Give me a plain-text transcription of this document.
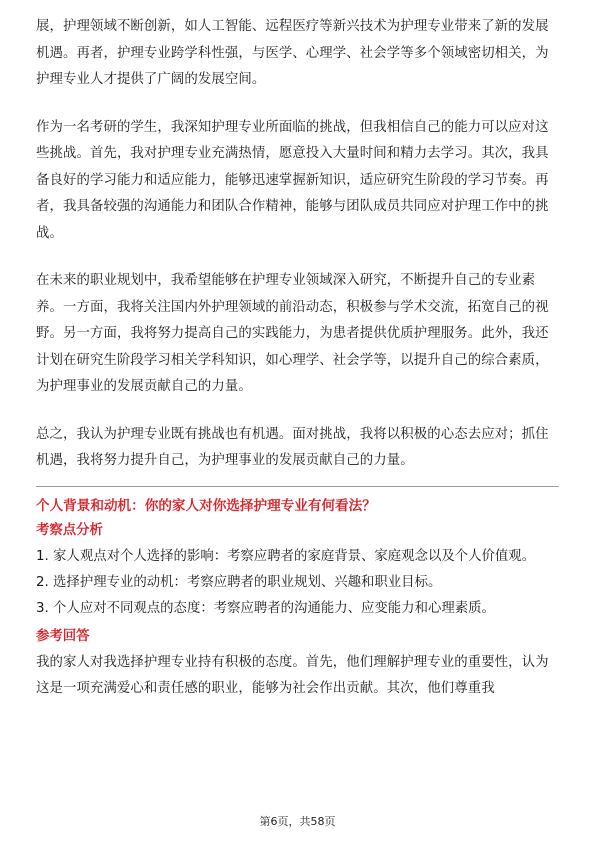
展，护理领域不断创新，如人工智能、远程医疗等新兴技术为护理专业带来了新的发展机遇。再者，护理专业跨学科性强，与医学、心理学、社会学等多个领域密切相关，为护理专业人才提供了广阔的发展空间。

作为一名考研的学生，我深知护理专业所面临的挑战，但我相信自己的能力可以应对这些挑战。首先，我对护理专业充满热情，愿意投入大量时间和精力去学习。其次，我具备良好的学习能力和适应能力，能够迅速掌握新知识，适应研究生阶段的学习节奏。再者，我具备较强的沟通能力和团队合作精神，能够与团队成员共同应对护理工作中的挑战。

在未来的职业规划中，我希望能够在护理专业领域深入研究，不断提升自己的专业素养。一方面，我将关注国内外护理领域的前沿动态，积极参与学术交流，拓宽自己的视野。另一方面，我将努力提高自己的实践能力，为患者提供优质护理服务。此外，我还计划在研究生阶段学习相关学科知识，如心理学、社会学等，以提升自己的综合素质，为护理事业的发展贡献自己的力量。

总之，我认为护理专业既有挑战也有机遇。面对挑战，我将以积极的心态去应对；抓住机遇，我将努力提升自己，为护理事业的发展贡献自己的力量。

个人背景和动机：你的家人对你选择护理专业有何看法？

考察点分析

1. 家人观点对个人选择的影响：考察应聘者的家庭背景、家庭观念以及个人价值观。

2. 选择护理专业的动机：考察应聘者的职业规划、兴趣和职业目标。

3. 个人应对不同观点的态度：考察应聘者的沟通能力、应变能力和心理素质。

参考回答

我的家人对我选择护理专业持有积极的态度。首先，他们理解护理专业的重要性，认为这是一项充满爱心和责任感的职业，能够为社会作出贡献。其次，他们尊重我

第6页，共58页
